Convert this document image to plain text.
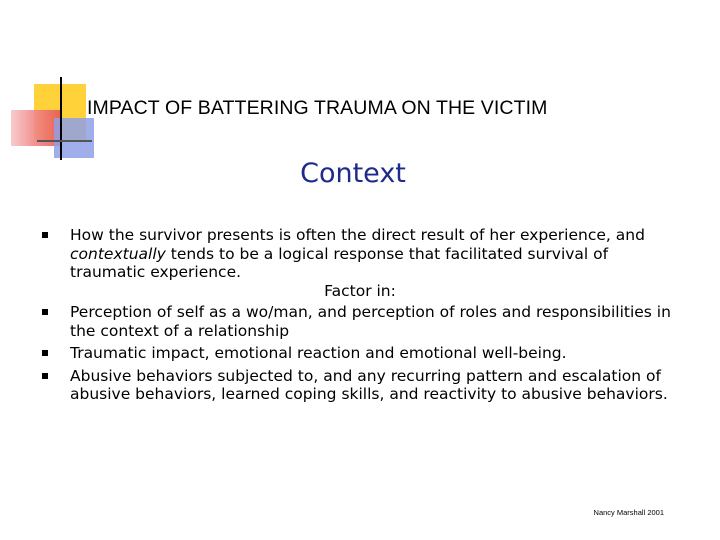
IMPACT OF BATTERING TRAUMA ON THE VICTIM
Context
How the survivor presents is often the direct result of her experience, and contextually tends to be a logical response that facilitated survival of traumatic experience.
Factor in:
Perception of self as a wo/man, and perception of roles and responsibilities in the context of a relationship
Traumatic impact, emotional reaction and emotional well-being.
Abusive behaviors subjected to, and any recurring pattern and escalation of abusive behaviors, learned coping skills, and reactivity to abusive behaviors.
Nancy Marshall 2001
